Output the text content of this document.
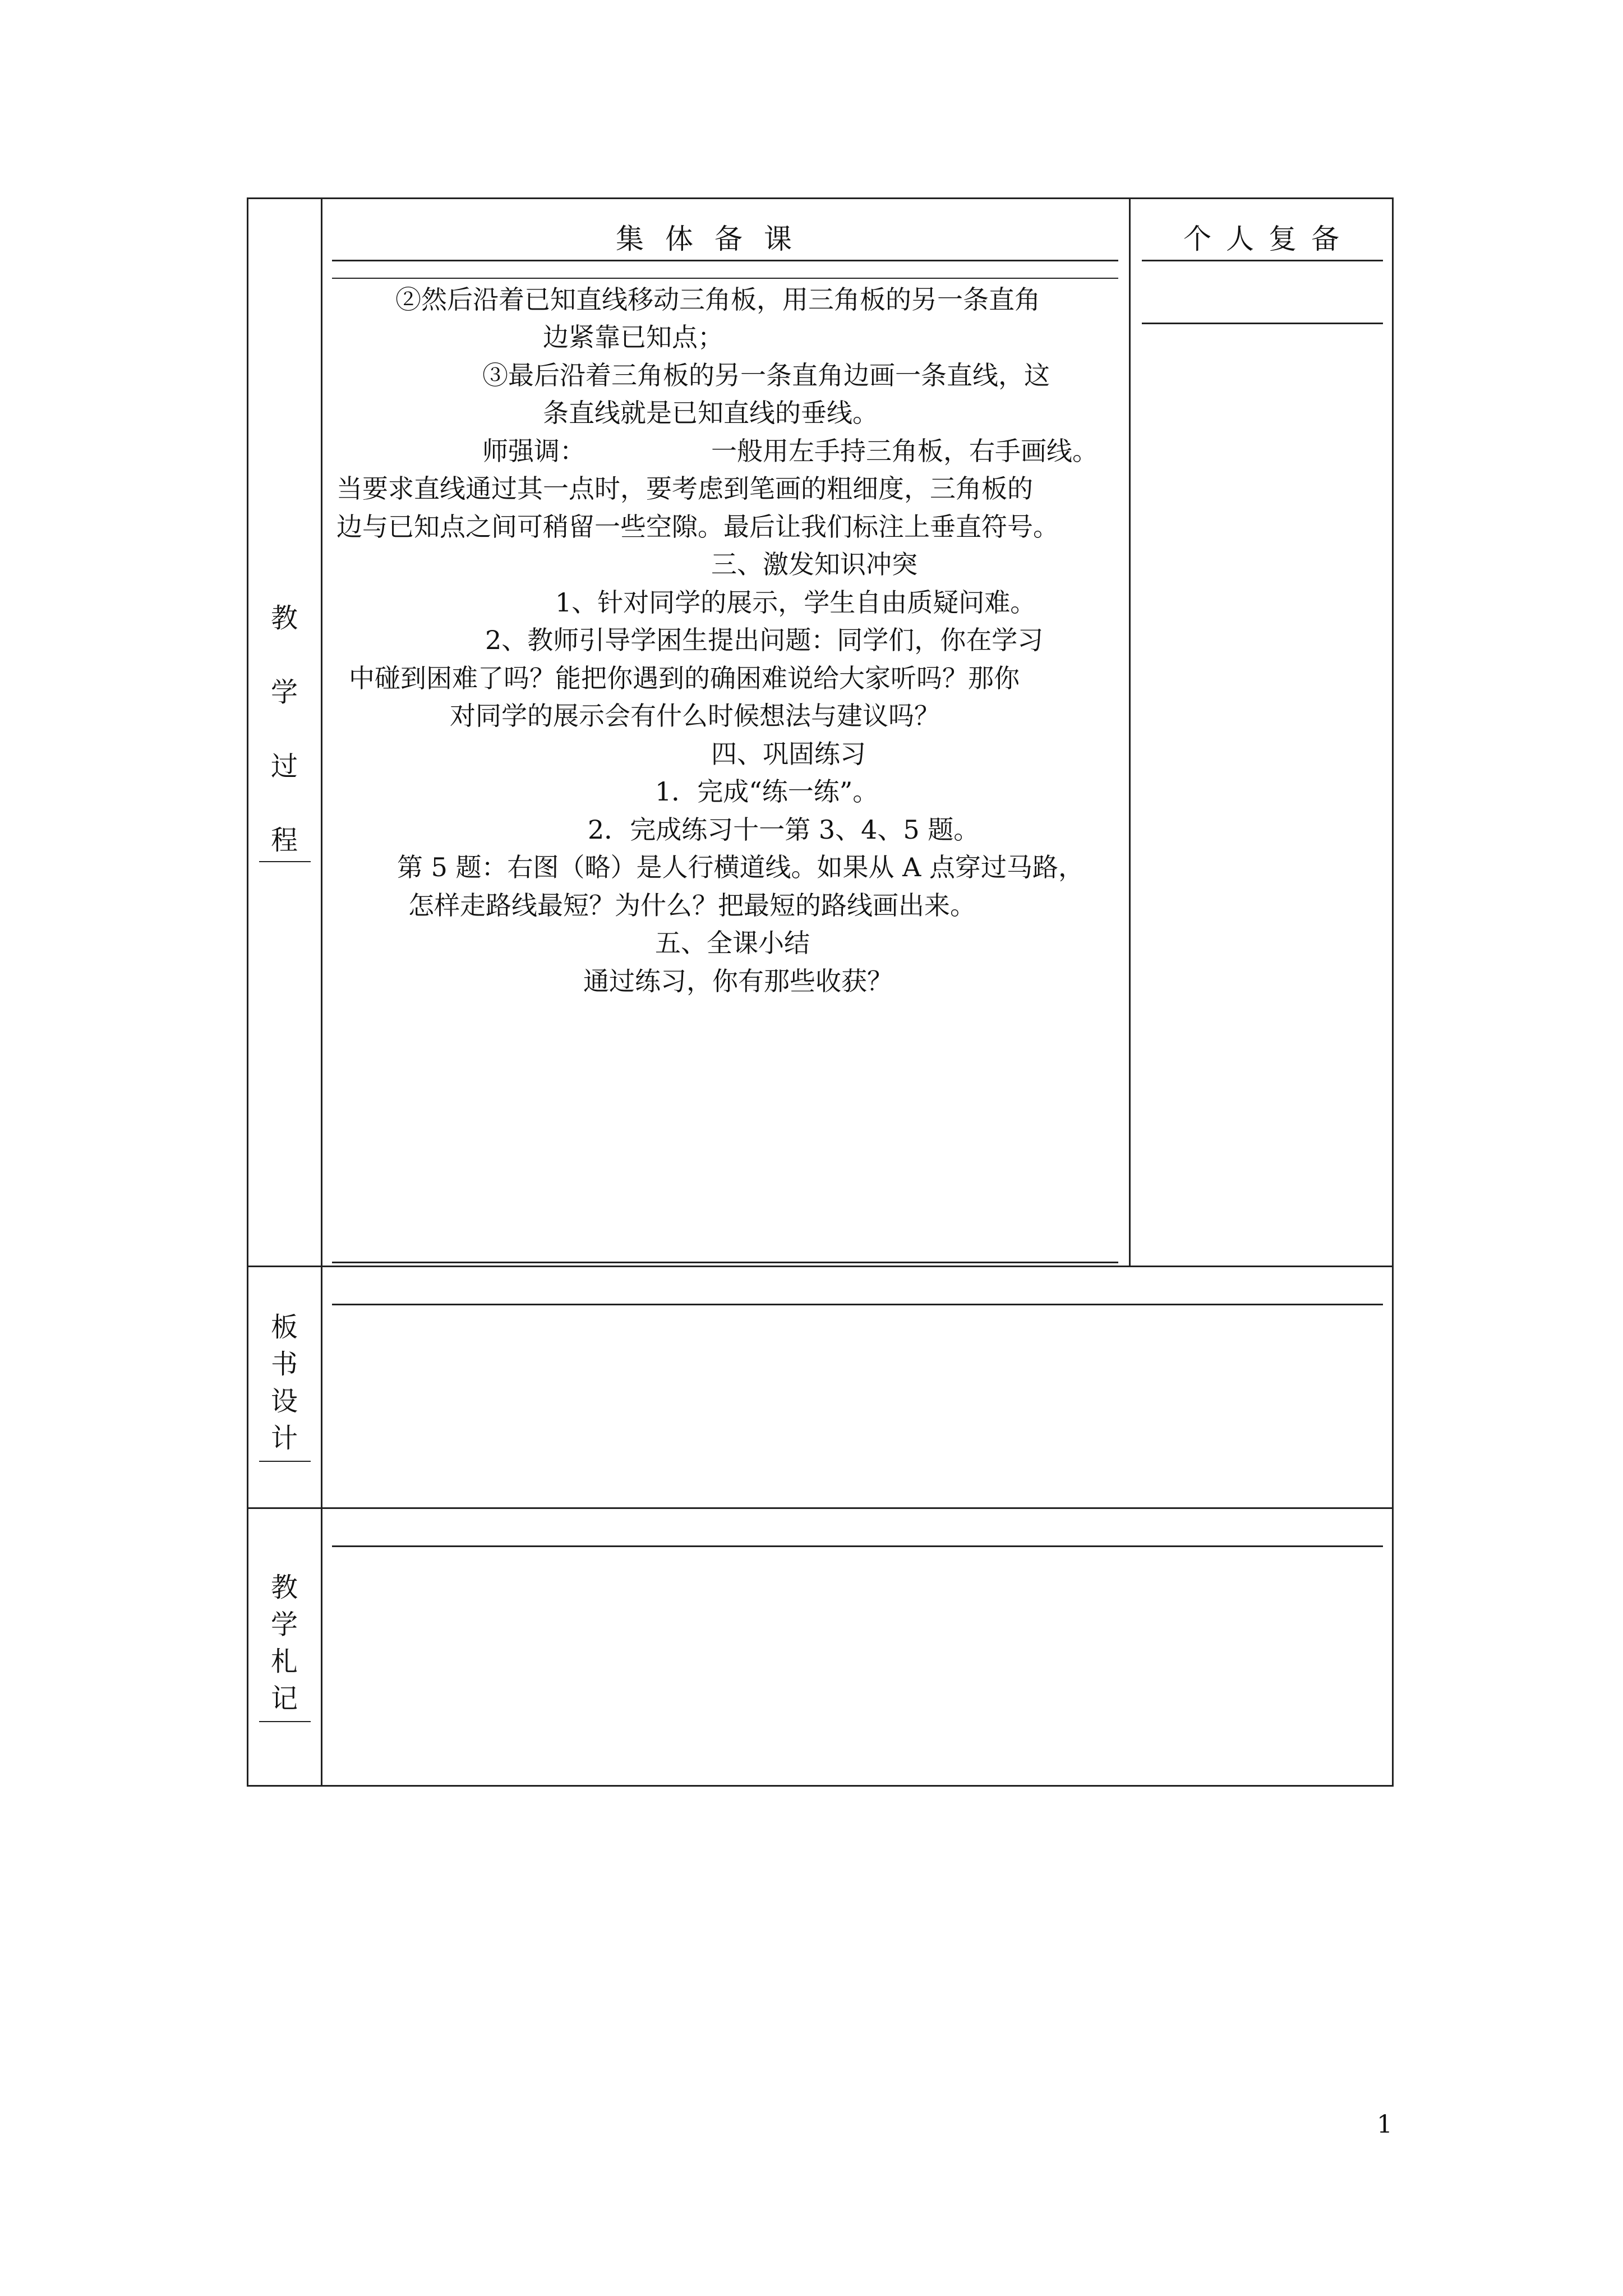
集体备课	个人复备
教
学
过
程
板
书
设
计
教
学
札
记
②然后沿着已知直线移动三角板，用三角板的另一条直角
边紧靠已知点；
③最后沿着三角板的另一条直角边画一条直线，这
条直线就是已知直线的垂线。
师强调：	一般用左手持三角板，右手画线。
当要求直线通过其一点时，要考虑到笔画的粗细度，三角板的
边与已知点之间可稍留一些空隙。最后让我们标注上垂直符号。
三、激发知识冲突
1、针对同学的展示，学生自由质疑问难。
2、教师引导学困生提出问题：同学们，你在学习
中碰到困难了吗？能把你遇到的确困难说给大家听吗？那你
对同学的展示会有什么时候想法与建议吗？
四、巩固练习
1．完成“练一练”。
2．完成练习十一第 3、4、5 题。
第 5 题：右图（略）是人行横道线。如果从 A 点穿过马路，
怎样走路线最短？为什么？把最短的路线画出来。
五、全课小结
通过练习，你有那些收获？
1
